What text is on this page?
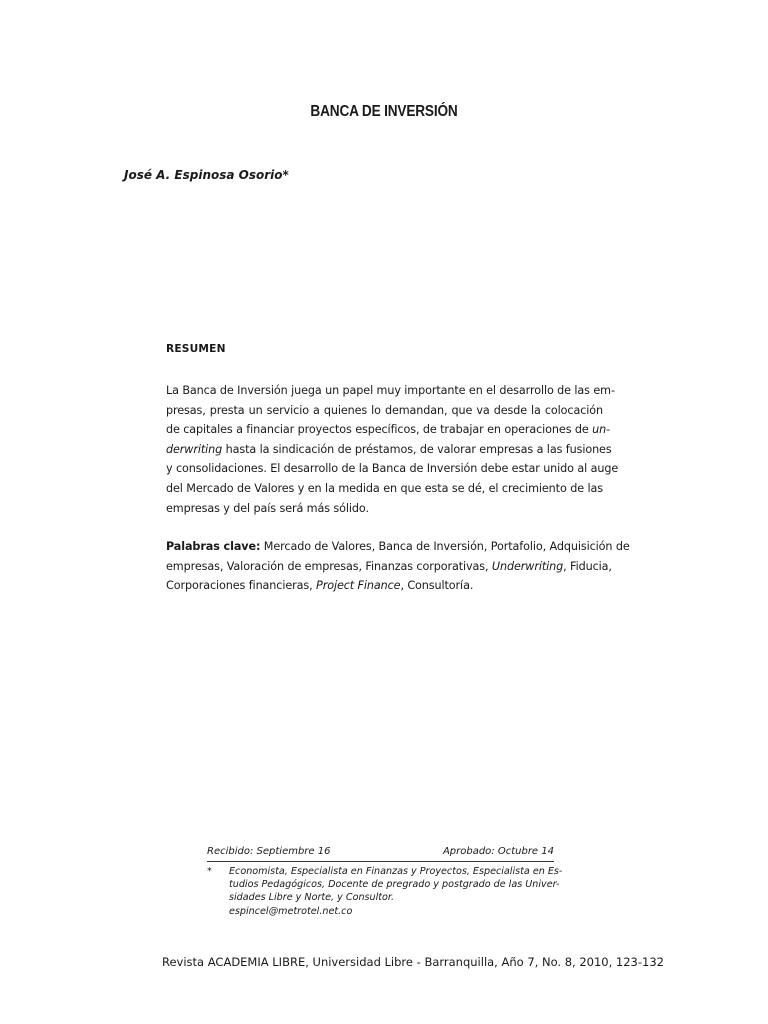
BANCA DE INVERSIÓN
José A. Espinosa Osorio*
RESUMEN
La Banca de Inversión juega un papel muy importante en el desarrollo de las em-
presas, presta un servicio a quienes lo demandan, que va desde la colocación
de capitales a financiar proyectos específicos, de trabajar en operaciones de un-
derwriting hasta la sindicación de préstamos, de valorar empresas a las fusiones
y consolidaciones. El desarrollo de la Banca de Inversión debe estar unido al auge
del Mercado de Valores y en la medida en que esta se dé, el crecimiento de las
empresas y del país será más sólido.
Palabras clave: Mercado de Valores, Banca de Inversión, Portafolio, Adquisición de
empresas, Valoración de empresas, Finanzas corporativas, Underwriting, Fiducia,
Corporaciones financieras, Project Finance, Consultoría.
Recibido: Septiembre 16	Aprobado: Octubre 14
*	Economista, Especialista en Finanzas y Proyectos, Especialista en Es-
tudios Pedagógicos, Docente de pregrado y postgrado de las Univer-
sidades Libre y Norte, y Consultor.
espincel@metrotel.net.co
Revista ACADEMIA LIBRE, Universidad Libre - Barranquilla, Año 7, No. 8, 2010, 123-132
